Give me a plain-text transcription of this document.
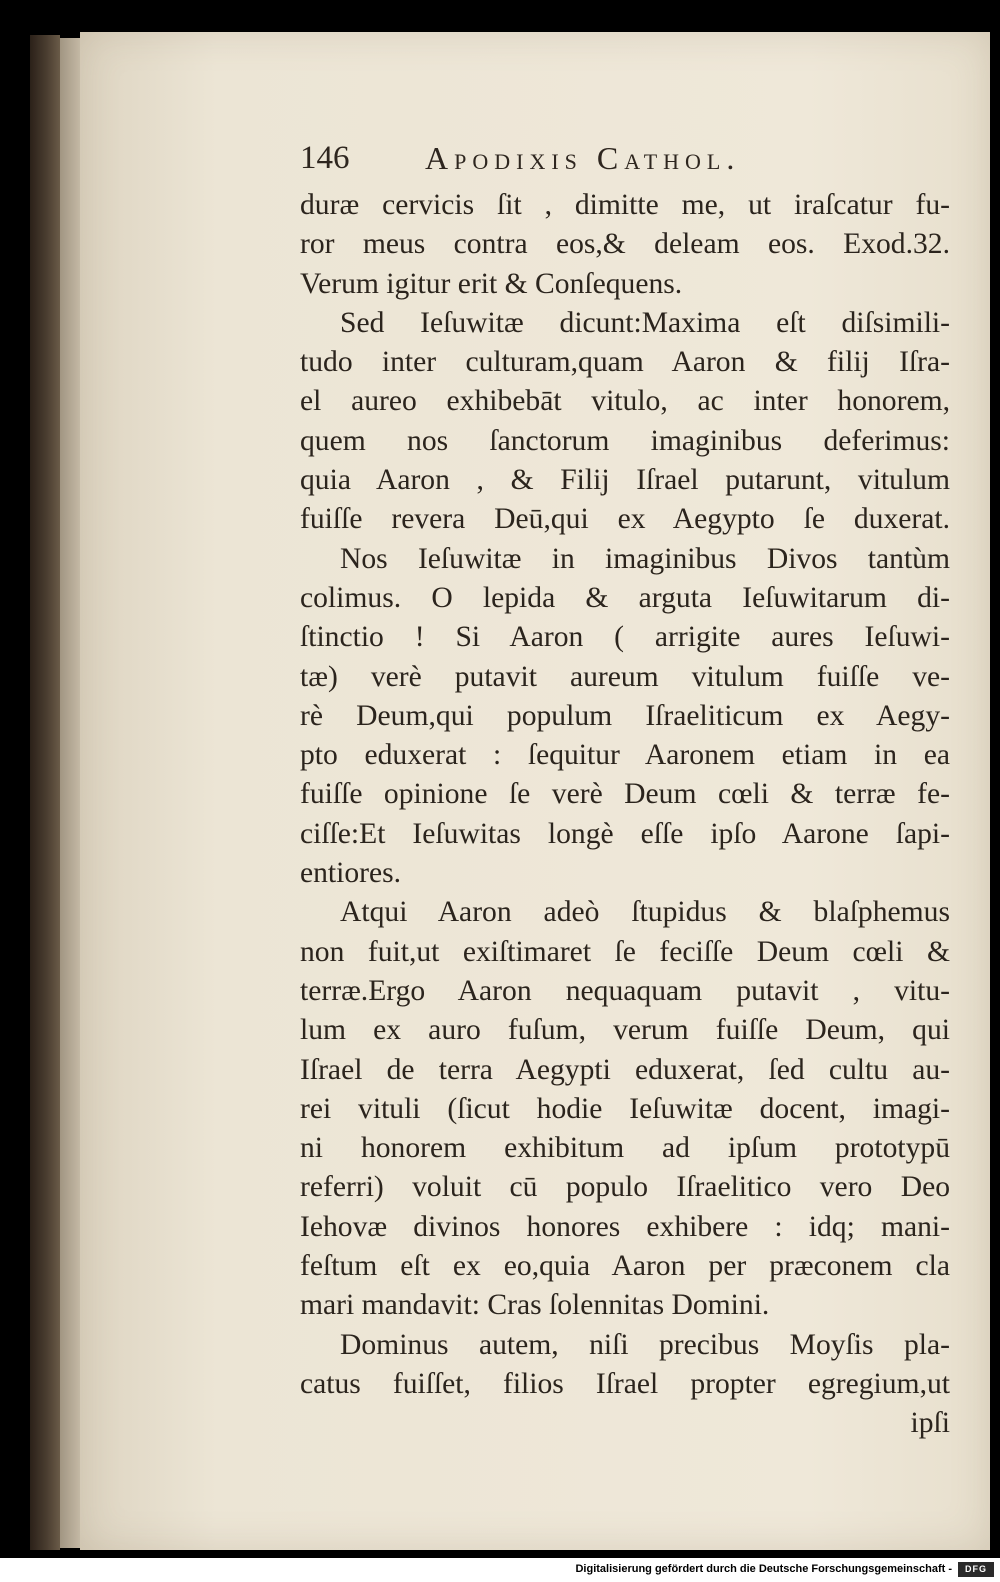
146 Apodixis Cathol.
duræ cervicis ſit , dimitte me, ut iraſcatur fu-
ror meus contra eos,& deleam eos. Exod.32.
Verum igitur erit & Conſequens.
Sed Ieſuwitæ dicunt:Maxima eſt diſsimili-
tudo inter culturam,quam Aaron & filij Iſra-
el aureo exhibebāt vitulo, ac inter honorem,
quem nos ſanctorum imaginibus deferimus:
quia Aaron , & Filij Iſrael putarunt, vitulum
fuiſſe revera Deū,qui ex Aegypto ſe duxerat.
Nos Ieſuwitæ in imaginibus Divos tantùm
colimus. O lepida & arguta Ieſuwitarum di-
ſtinctio ! Si Aaron ( arrigite aures Ieſuwi-
tæ) verè putavit aureum vitulum fuiſſe ve-
rè Deum,qui populum Iſraeliticum ex Aegy-
pto eduxerat : ſequitur Aaronem etiam in ea
fuiſſe opinione ſe verè Deum cœli & terræ fe-
ciſſe:Et Ieſuwitas longè eſſe ipſo Aarone ſapi-
entiores.
Atqui Aaron adeò ſtupidus & blaſphemus
non fuit,ut exiſtimaret ſe feciſſe Deum cœli &
terræ.Ergo Aaron nequaquam putavit , vitu-
lum ex auro fuſum, verum fuiſſe Deum, qui
Iſrael de terra Aegypti eduxerat, ſed cultu au-
rei vituli (ſicut hodie Ieſuwitæ docent, imagi-
ni honorem exhibitum ad ipſum prototypū
referri) voluit cū populo Iſraelitico vero Deo
Iehovæ divinos honores exhibere : idq; mani-
feſtum eſt ex eo,quia Aaron per præconem cla
mari mandavit: Cras ſolennitas Domini.
Dominus autem, niſi precibus Moyſis pla-
catus fuiſſet, filios Iſrael propter egregium,ut
ipſi
Digitalisierung gefördert durch die Deutsche Forschungsgemeinschaft -	DFG
